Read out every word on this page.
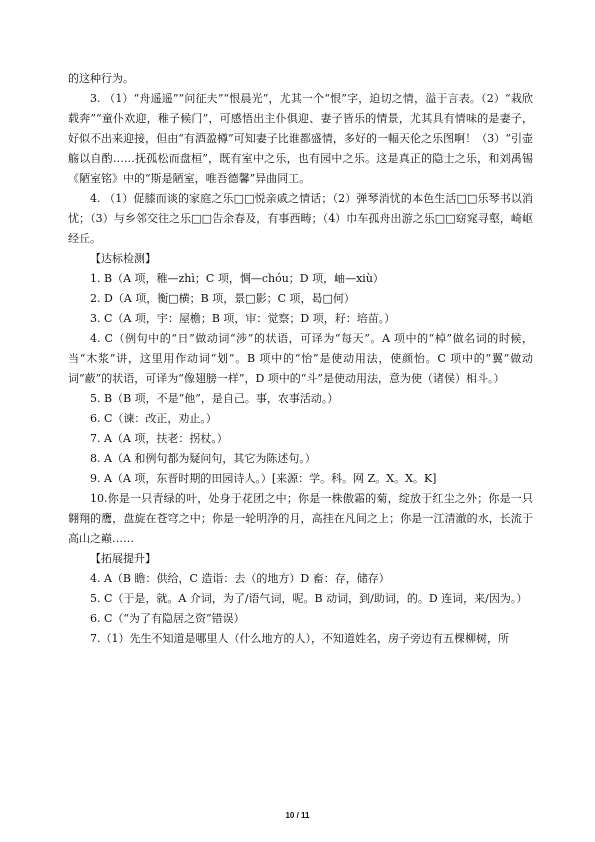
的这种行为。

3. （1）“舟遥遥”“问征夫”“恨晨光”，尤其一个“恨”字，迫切之情，溢于言表。（2）“栽欣载奔”“童仆欢迎，稚子候门”，可感悟出主仆俱迎、妻子皆乐的情景，尤其具有情味的是妻子，好似不出来迎接，但由“有酒盈樽”可知妻子比谁都盛情，多好的一幅天伦之乐图啊！（3）“引壶觞以自酌……抚孤松而盘桓”，既有室中之乐，也有园中之乐。这是真正的隐士之乐，和刘禹锡《陋室铭》中的“斯是陋室，唯吾德馨”异曲同工。

4. （1）促膝而谈的家庭之乐□□悦亲戚之情话；（2）弹琴消忧的本色生活□□乐琴书以消忧；（3）与乡邻交往之乐□□告余春及，有事西畴；（4）巾车孤舟出游之乐□□窈窕寻壑，崎岖经丘。

【达标检测】

1. B（A 项，稚—zhì；C 项，惆—chóu；D 项，岫—xiù）

2. D（A 项，衡□横；B 项，景□影；C 项，曷□何）

3. C（A 项，宇：屋檐；B 项，审：觉察；D 项，耔：培苗。）

4. C（例句中的“日”做动词“涉”的状语，可译为“每天”。A 项中的“棹”做名词的时候，当“木浆”讲，这里用作动词“划”。B 项中的“怡”是使动用法，使颜怡。C 项中的“翼”做动词“蔽”的状语，可译为“像翅膀一样”，D 项中的“斗”是使动用法，意为使（诸侯）相斗。）

5. B（B 项，不是“他”，是自己。事，农事活动。）

6. C（谏：改正，劝止。）

7. A（A 项，扶老：拐杖。）

8. A（A 和例句都为疑问句，其它为陈述句。）

9. A（A 项，东晋时期的田园诗人。）[来源：学。科。网 Z。X。X。K]

10.你是一只青绿的叶，处身于花团之中；你是一株傲霜的菊，绽放于红尘之外；你是一只翱翔的鹰，盘旋在苍穹之中；你是一轮明净的月，高挂在凡间之上；你是一江清澈的水，长流于高山之巅……

【拓展提升】

4. A（B 瞻：供给，C 造诣：去（的地方）D 畜：存，储存）

5. C（于是，就。A 介词，为了/语气词，呢。B 动词，到/助词，的。D 连词，来/因为。）

6. C（“为了有隐居之资”错误）

7.（1）先生不知道是哪里人（什么地方的人），不知道姓名，房子旁边有五棵柳树，所

10 / 11
